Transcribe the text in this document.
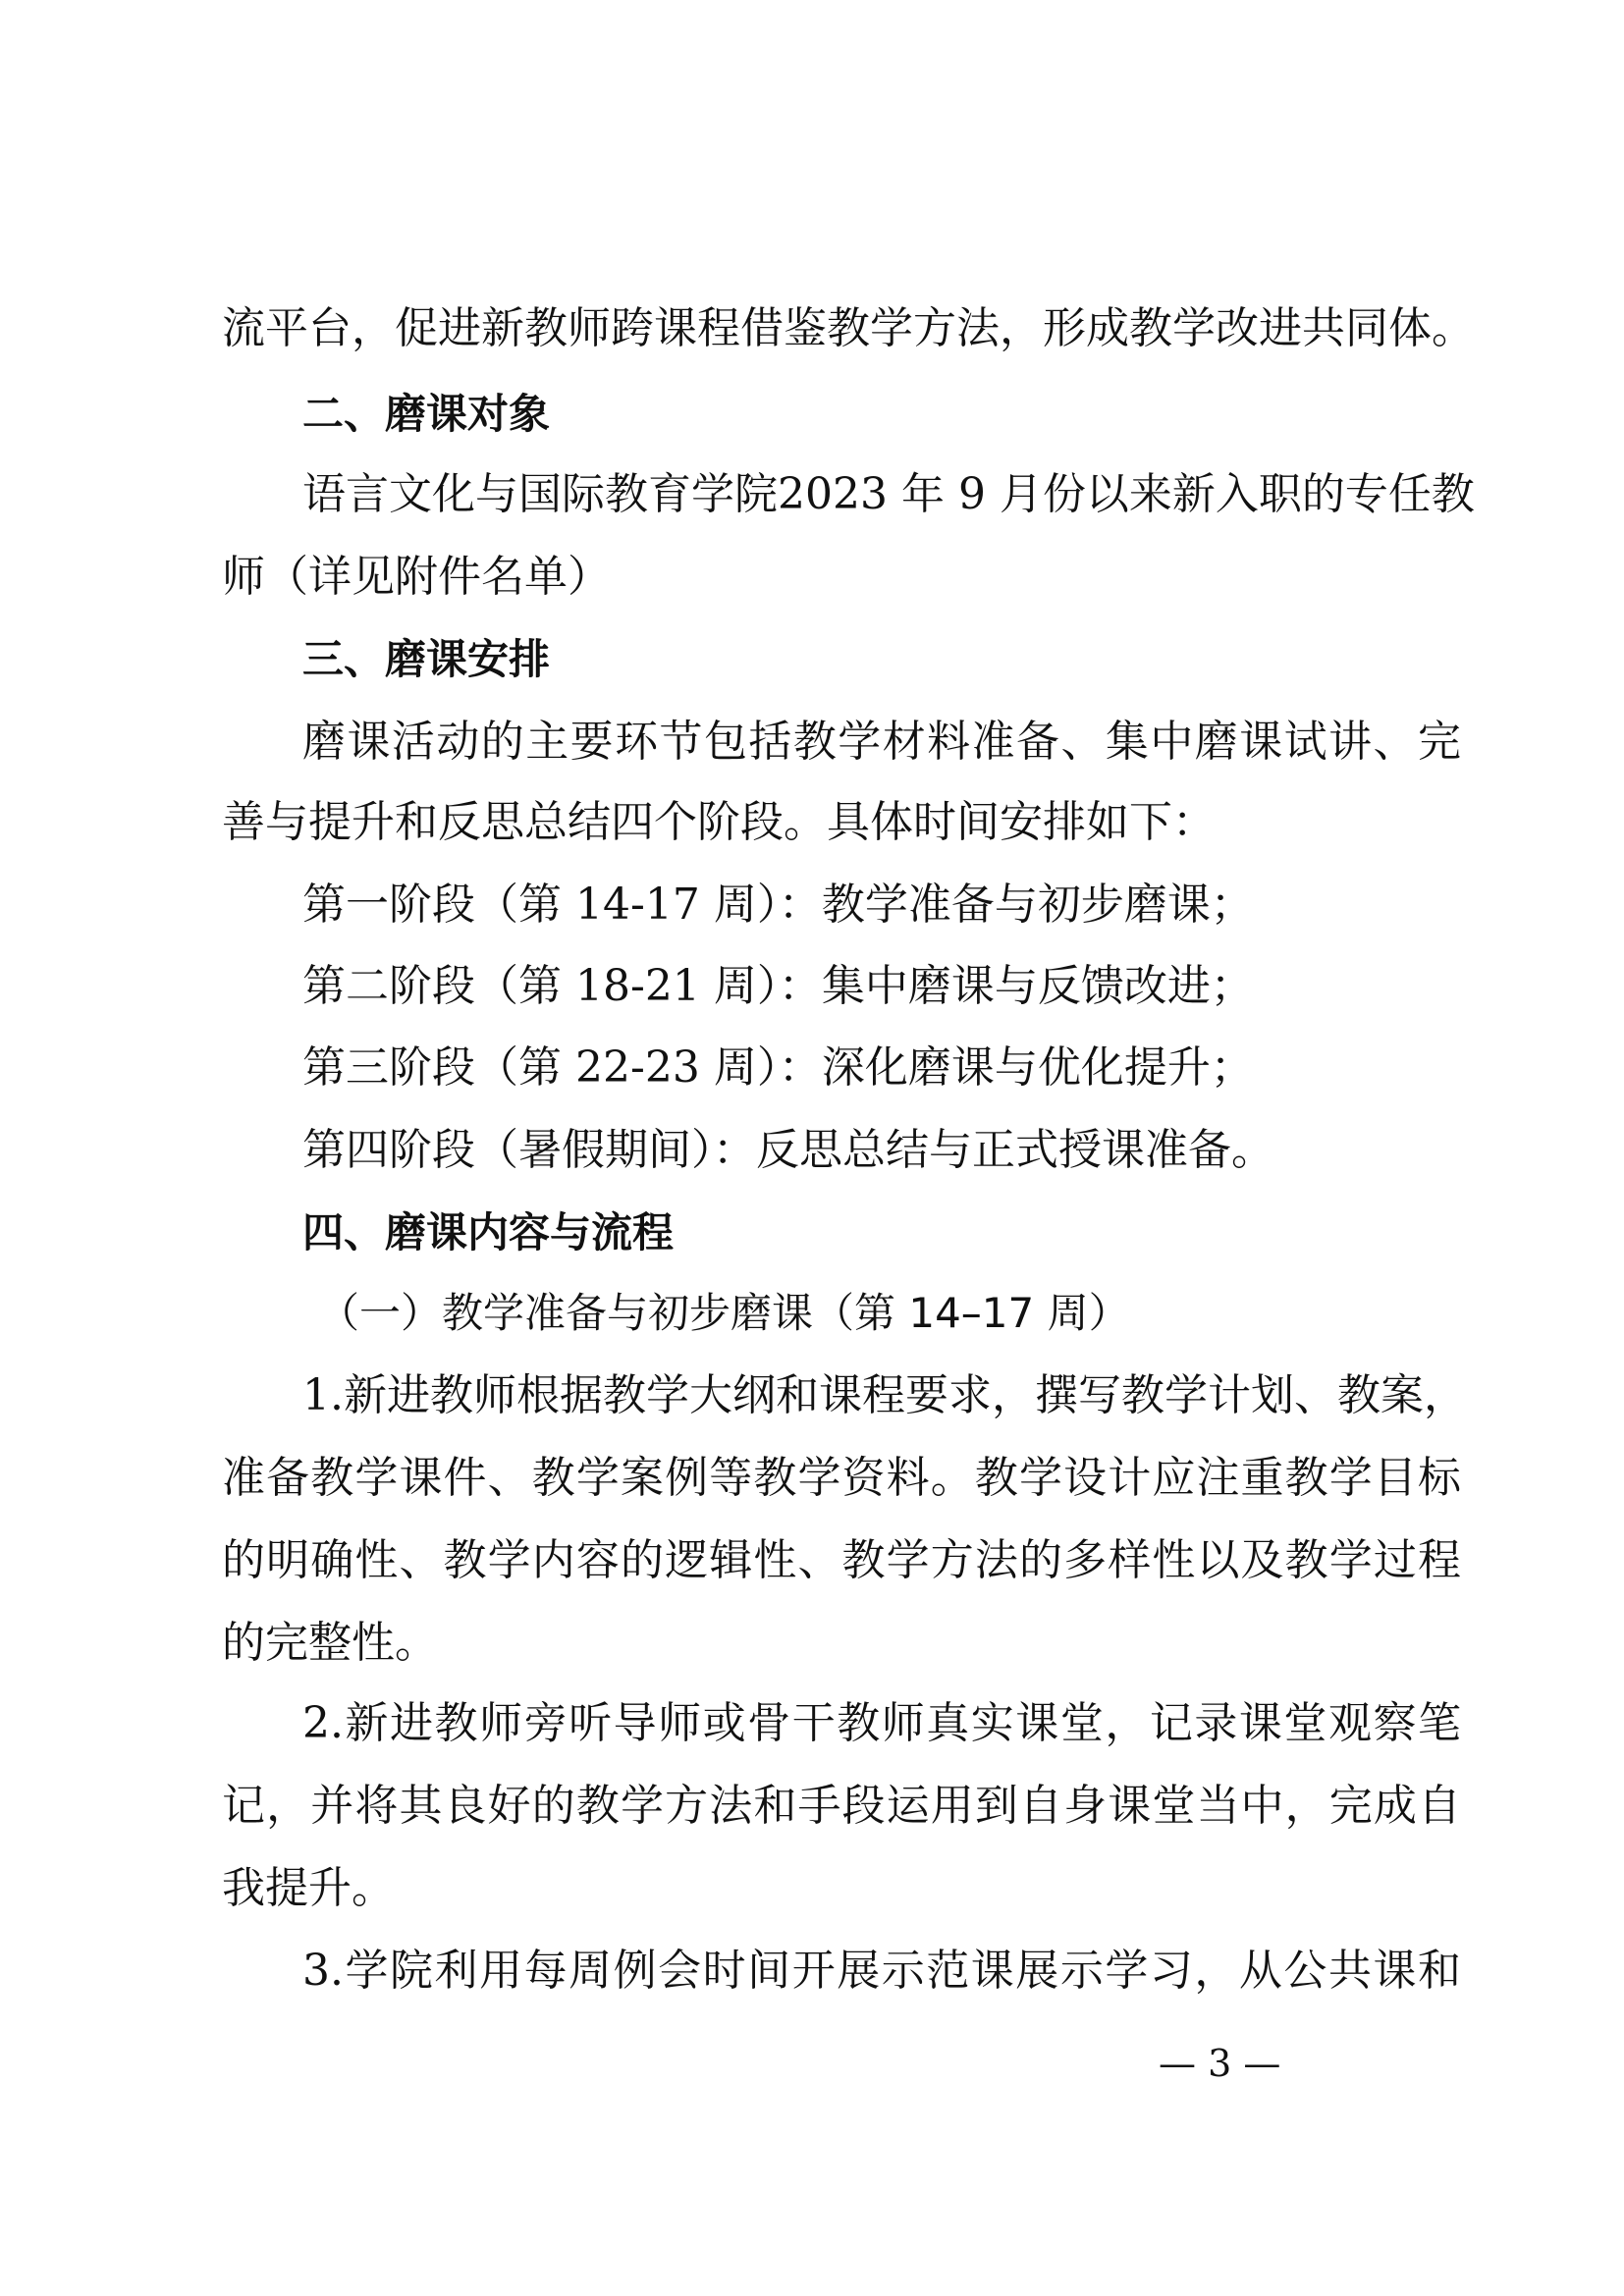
流平台，促进新教师跨课程借鉴教学方法，形成教学改进共同体。
二、磨课对象
语言文化与国际教育学院2023 年 9 月份以来新入职的专任教
师（详见附件名单）
三、磨课安排
磨课活动的主要环节包括教学材料准备、集中磨课试讲、完
善与提升和反思总结四个阶段。具体时间安排如下：
第一阶段（第 14-17 周）：教学准备与初步磨课；
第二阶段（第 18-21 周）：集中磨课与反馈改进；
第三阶段（第 22-23 周）：深化磨课与优化提升；
第四阶段（暑假期间）：反思总结与正式授课准备。
四、磨课内容与流程
（一）教学准备与初步磨课（第 14–17 周）
1.新进教师根据教学大纲和课程要求，撰写教学计划、教案，
准备教学课件、教学案例等教学资料。教学设计应注重教学目标
的明确性、教学内容的逻辑性、教学方法的多样性以及教学过程
的完整性。
2.新进教师旁听导师或骨干教师真实课堂，记录课堂观察笔
记，并将其良好的教学方法和手段运用到自身课堂当中，完成自
我提升。
3.学院利用每周例会时间开展示范课展示学习，从公共课和
— 3 —
